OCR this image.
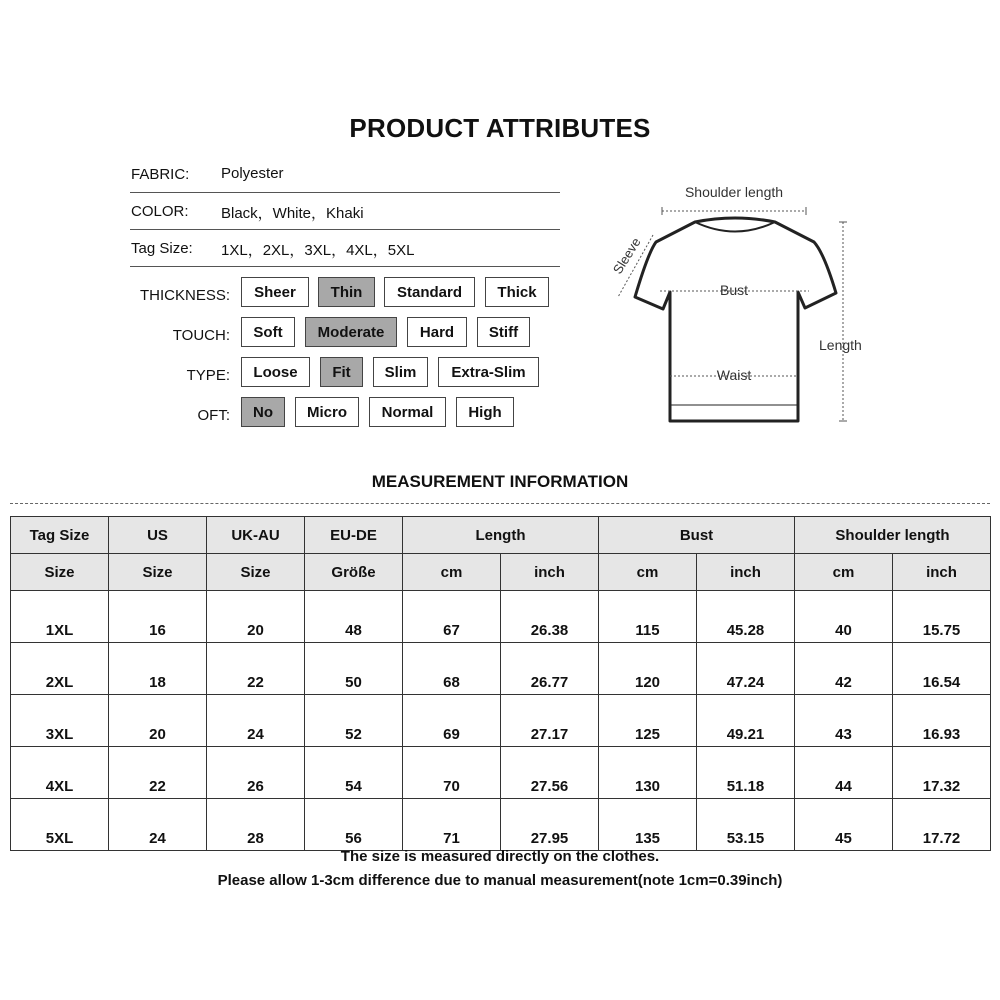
PRODUCT ATTRIBUTES
FABRIC: Polyester
COLOR: Black，White，Khaki
Tag Size: 1XL，2XL，3XL，4XL，5XL
THICKNESS:	Sheer	Thin	Standard	Thick
TOUCH:	Soft	Moderate	Hard	Stiff
TYPE:	Loose	Fit	Slim	Extra-Slim
OFT:	No	Micro	Normal	High
Shoulder length
Bust
Waist
Length
Sleeve
MEASUREMENT INFORMATION
Tag Size	US	UK-AU	EU-DE	Length		Bust		Shoulder length	
Size	Size	Size	Größe	cm	inch	cm	inch	cm	inch
1XL	16	20	48	67	26.38	115	45.28	40	15.75
2XL	18	22	50	68	26.77	120	47.24	42	16.54
3XL	20	24	52	69	27.17	125	49.21	43	16.93
4XL	22	26	54	70	27.56	130	51.18	44	17.32
5XL	24	28	56	71	27.95	135	53.15	45	17.72
The size is measured directly on the clothes.
Please allow 1-3cm difference due to manual measurement(note 1cm=0.39inch)
